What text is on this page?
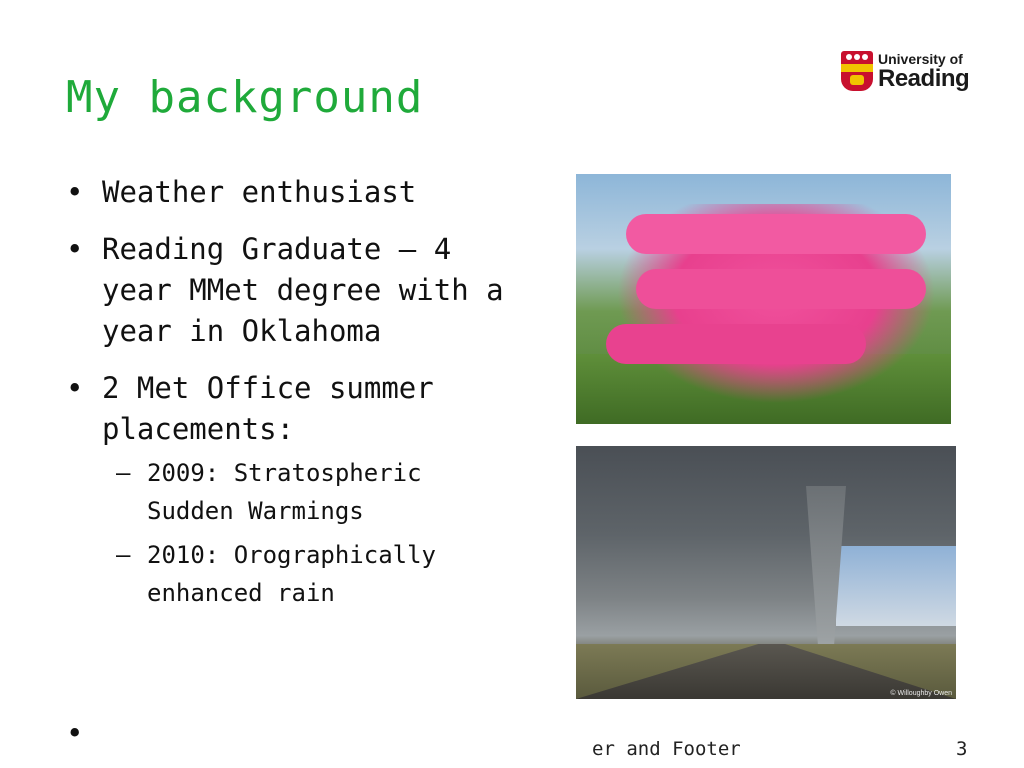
My background
University of
Reading
• Weather enthusiast
• Reading Graduate – 4 year MMet degree with a year in Oklahoma
• 2 Met Office summer placements:
– 2009: Stratospheric Sudden Warmings
– 2010: Orographically enhanced rain
•
© Willoughby Owen
er and Footer	3
